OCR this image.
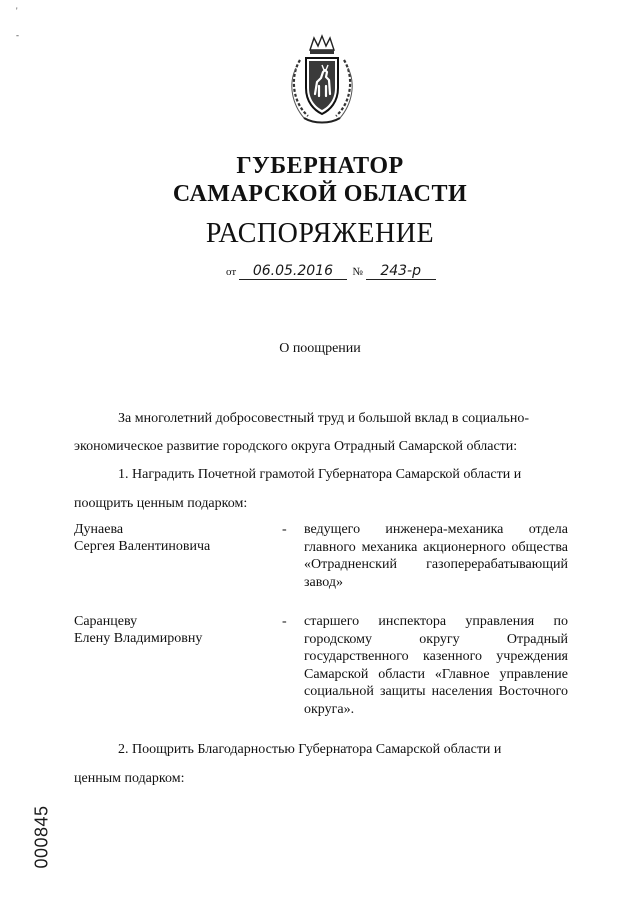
'
-
ГУБЕРНАТОР
САМАРСКОЙ ОБЛАСТИ
РАСПОРЯЖЕНИЕ
от 06.05.2016 № 243-р
О поощрении
За многолетний добросовестный труд и большой вклад в социально-
экономическое развитие городского округа Отрадный Самарской области:
1. Наградить Почетной грамотой Губернатора Самарской области и
поощрить ценным подарком:
Дунаева
Сергея Валентиновича
- ведущего инженера-механика отдела главного механика акционерного общества «Отрадненский газоперерабатывающий завод»
Саранцеву
Елену Владимировну
- старшего инспектора управления по городскому округу Отрадный государственного казенного учреждения Самарской области «Главное управление социальной защиты населения Восточного округа».
2. Поощрить Благодарностью Губернатора Самарской области и
ценным подарком:
000845
